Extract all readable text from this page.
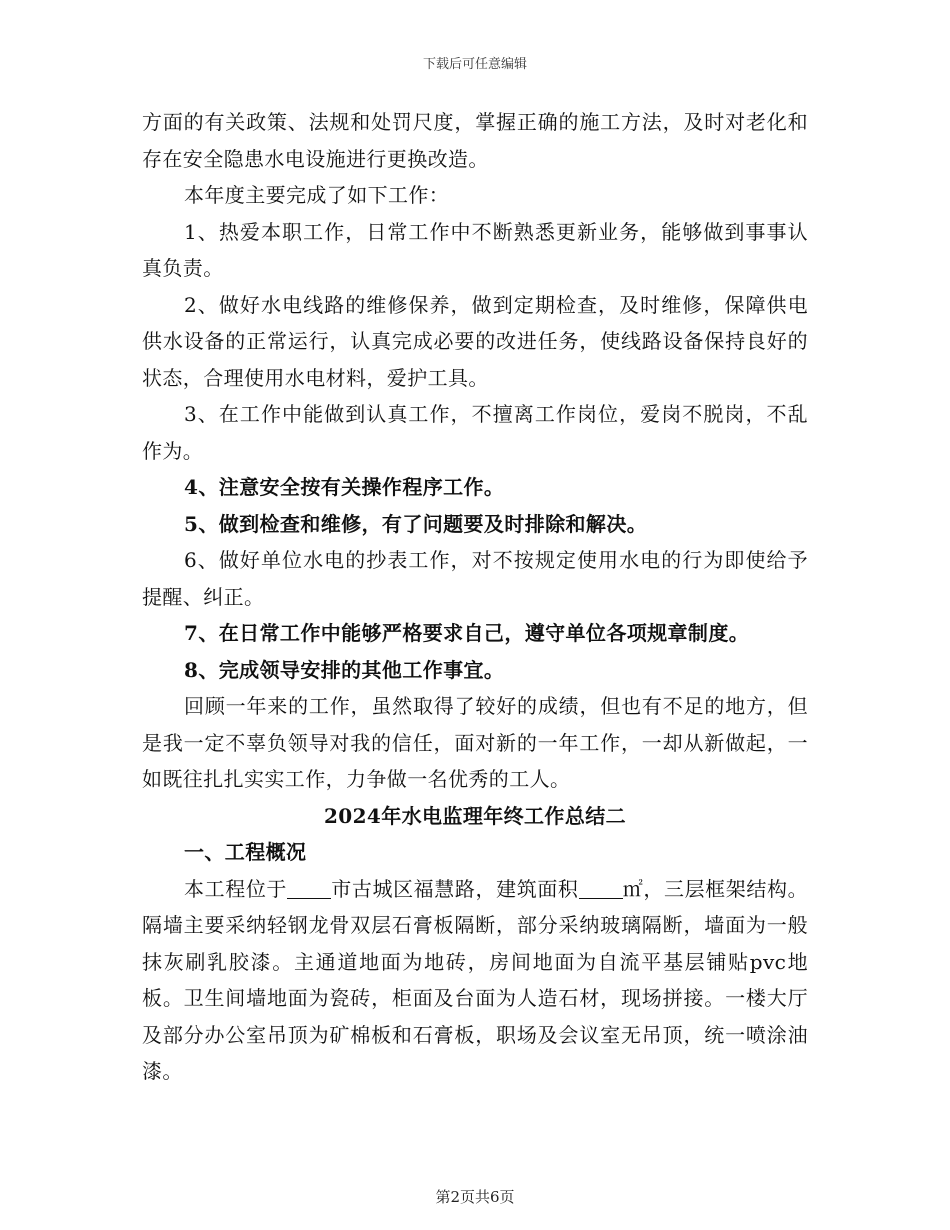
下载后可任意编辑

方面的有关政策、法规和处罚尺度，掌握正确的施工方法，及时对老化和存在安全隐患水电设施进行更换改造。

本年度主要完成了如下工作：

1、热爱本职工作，日常工作中不断熟悉更新业务，能够做到事事认真负责。

2、做好水电线路的维修保养，做到定期检查，及时维修，保障供电供水设备的正常运行，认真完成必要的改进任务，使线路设备保持良好的状态，合理使用水电材料，爱护工具。

3、在工作中能做到认真工作，不擅离工作岗位，爱岗不脱岗，不乱作为。

4、注意安全按有关操作程序工作。

5、做到检查和维修，有了问题要及时排除和解决。

6、做好单位水电的抄表工作，对不按规定使用水电的行为即使给予提醒、纠正。

7、在日常工作中能够严格要求自己，遵守单位各项规章制度。

8、完成领导安排的其他工作事宜。

回顾一年来的工作，虽然取得了较好的成绩，但也有不足的地方，但是我一定不辜负领导对我的信任，面对新的一年工作，一却从新做起，一如既往扎扎实实工作，力争做一名优秀的工人。

2024年水电监理年终工作总结二

一、工程概况

本工程位于 市古城区福慧路，建筑面积 ㎡，三层框架结构。隔墙主要采纳轻钢龙骨双层石膏板隔断，部分采纳玻璃隔断，墙面为一般抹灰刷乳胶漆。主通道地面为地砖，房间地面为自流平基层铺贴pvc地板。卫生间墙地面为瓷砖，柜面及台面为人造石材，现场拼接。一楼大厅及部分办公室吊顶为矿棉板和石膏板，职场及会议室无吊顶，统一喷涂油漆。

第2页共6页
